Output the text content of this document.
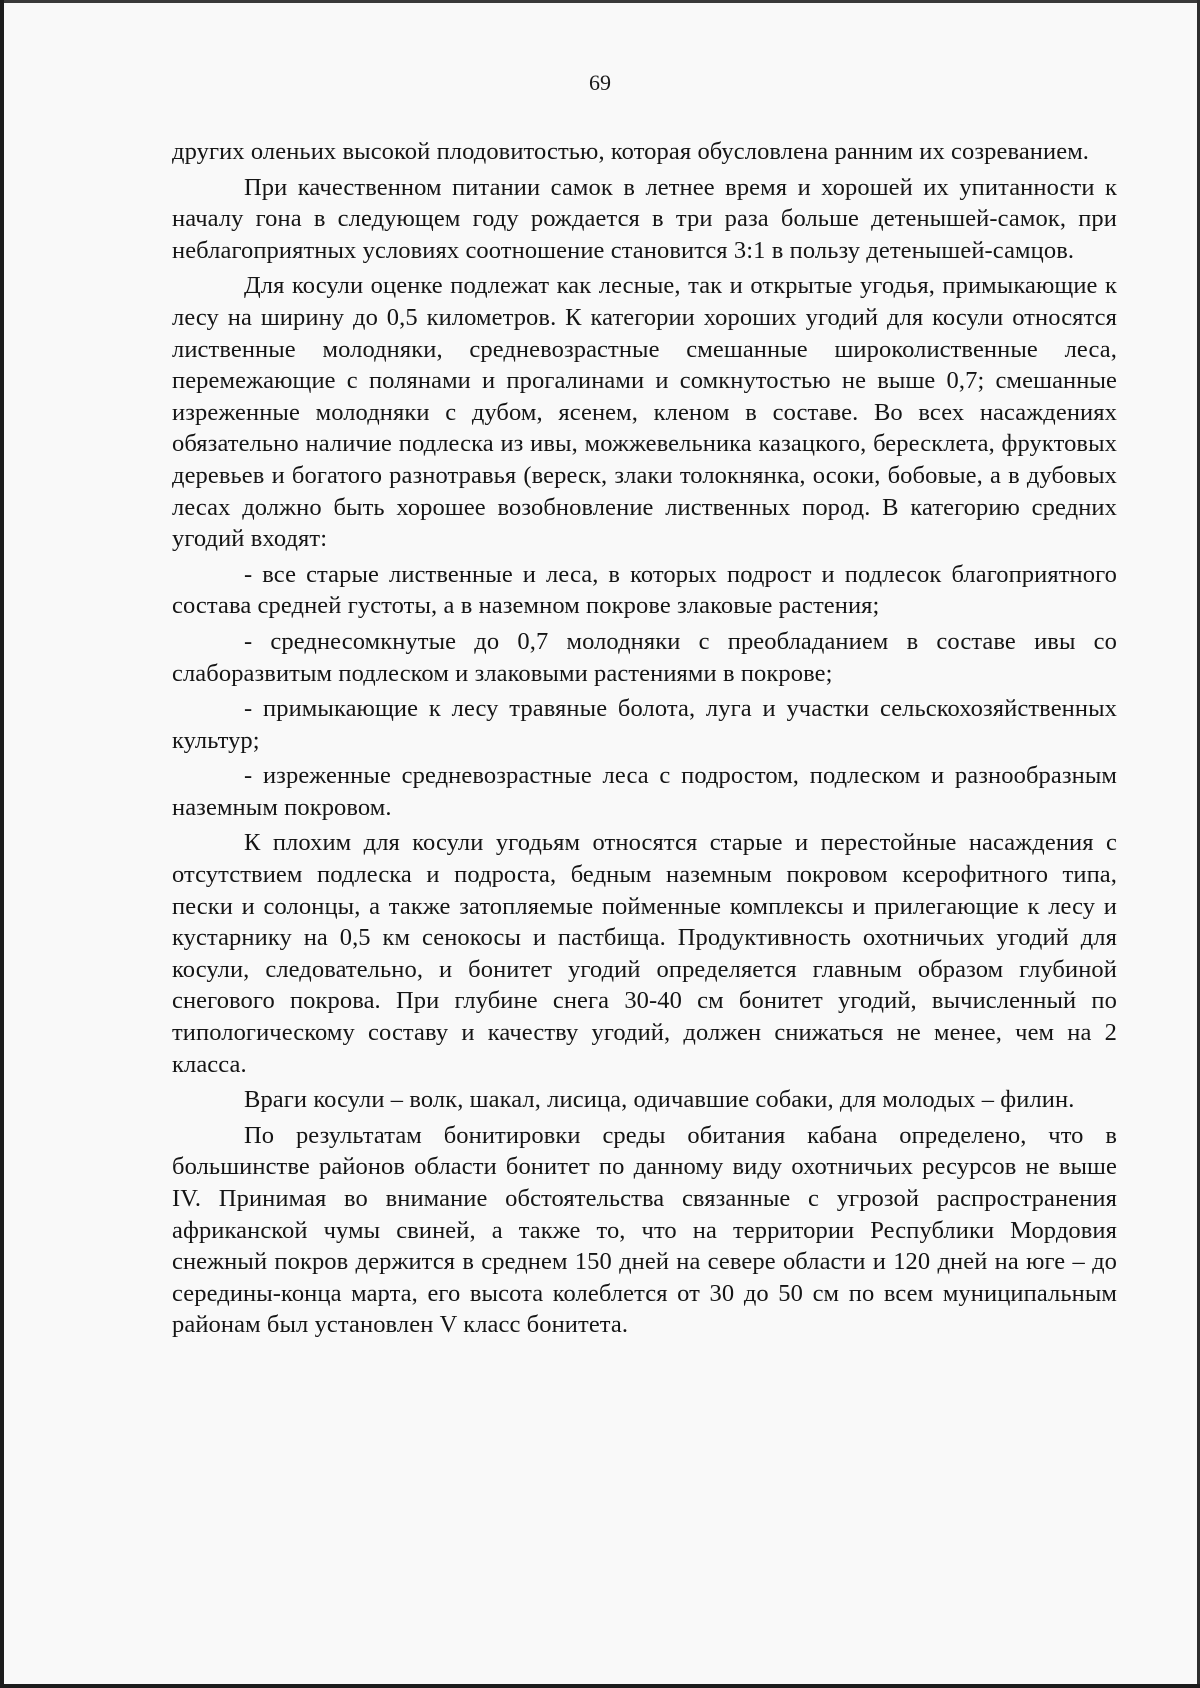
69

других оленьих высокой плодовитостью, которая обусловлена ранним их созреванием.

При качественном питании самок в летнее время и хорошей их упитанности к началу гона в следующем году рождается в три раза больше детенышей-самок, при неблагоприятных условиях соотношение становится 3:1 в пользу детенышей-самцов.

Для косули оценке подлежат как лесные, так и открытые угодья, примыкающие к лесу на ширину до 0,5 километров. К категории хороших угодий для косули относятся лиственные молодняки, средневозрастные смешанные широколиственные леса, перемежающие с полянами и прогалинами и сомкнутостью не выше 0,7; смешанные изреженные молодняки с дубом, ясенем, кленом в составе. Во всех насаждениях обязательно наличие подлеска из ивы, можжевельника казацкого, бересклета, фруктовых деревьев и богатого разнотравья (вереск, злаки толокнянка, осоки, бобовые, а в дубовых лесах должно быть хорошее возобновление лиственных пород. В категорию средних угодий входят:

- все старые лиственные и леса, в которых подрост и подлесок благоприятного состава средней густоты, а в наземном покрове злаковые растения;

- среднесомкнутые до 0,7 молодняки с преобладанием в составе ивы со слаборазвитым подлеском и злаковыми растениями в покрове;

- примыкающие к лесу травяные болота, луга и участки сельскохозяйственных культур;

- изреженные средневозрастные леса с подростом, подлеском и разнообразным наземным покровом.

К плохим для косули угодьям относятся старые и перестойные насаждения с отсутствием подлеска и подроста, бедным наземным покровом ксерофитного типа, пески и солонцы, а также затопляемые пойменные комплексы и прилегающие к лесу и кустарнику на 0,5 км сенокосы и пастбища. Продуктивность охотничьих угодий для косули, следовательно, и бонитет угодий определяется главным образом глубиной снегового покрова. При глубине снега 30-40 см бонитет угодий, вычисленный по типологическому составу и качеству угодий, должен снижаться не менее, чем на 2 класса.

Враги косули – волк, шакал, лисица, одичавшие собаки, для молодых – филин.

По результатам бонитировки среды обитания кабана определено, что в большинстве районов области бонитет по данному виду охотничьих ресурсов не выше IV. Принимая во внимание обстоятельства связанные с угрозой распространения африканской чумы свиней, а также то, что на территории Республики Мордовия снежный покров держится в среднем 150 дней на севере области и 120 дней на юге – до середины-конца марта, его высота колеблется от 30 до 50 см по всем муниципальным районам был установлен V класс бонитета.
